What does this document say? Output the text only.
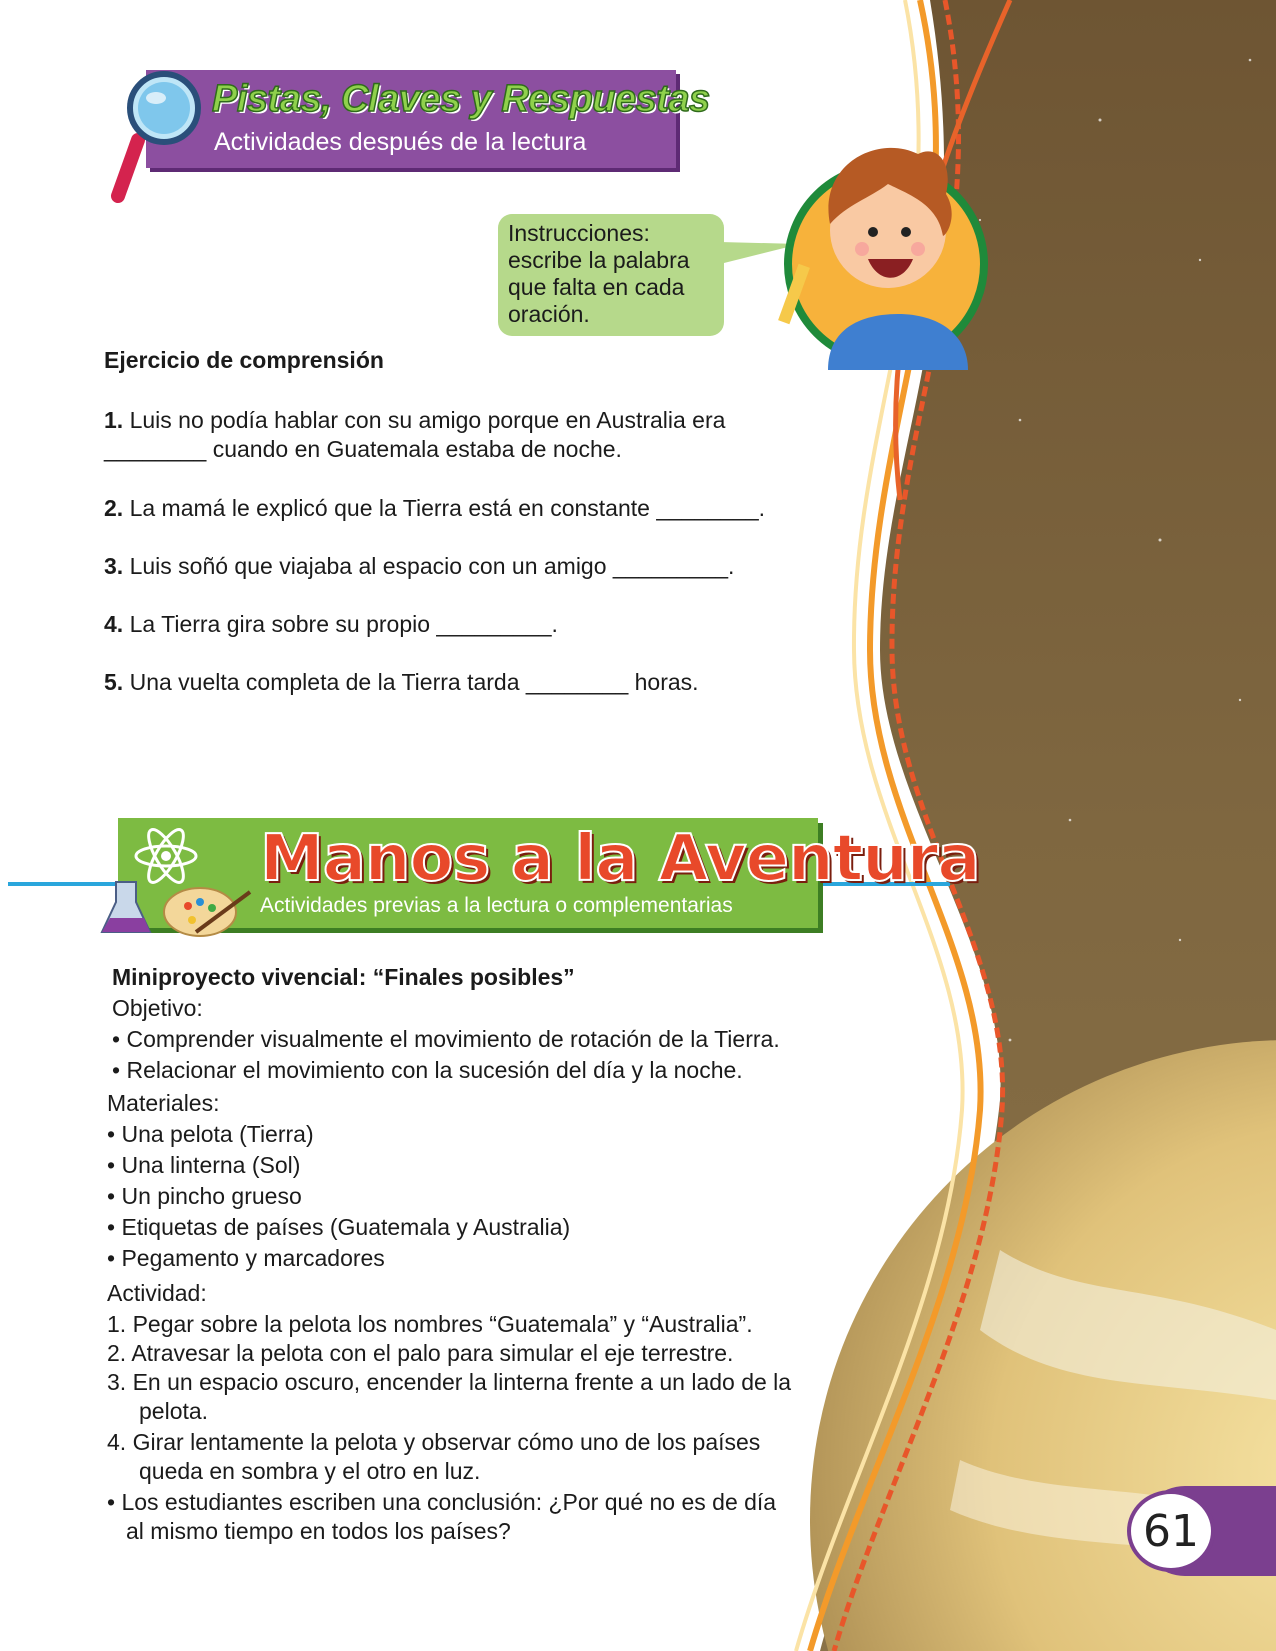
Pistas, Claves y Respuestas
Actividades después de la lectura
Instrucciones: escribe la palabra que falta en cada oración.
Ejercicio de comprensión
1. Luis no podía hablar con su amigo porque en Australia era
________ cuando en Guatemala estaba de noche.
2. La mamá le explicó que la Tierra está en constante ________.
3. Luis soñó que viajaba al espacio con un amigo _________.
4. La Tierra gira sobre su propio _________.
5. Una vuelta completa de la Tierra tarda ________ horas.
Manos a la Aventura
Actividades previas a la lectura o complementarias
Miniproyecto vivencial: “Finales posibles”
Objetivo:
• Comprender visualmente el movimiento de rotación de la Tierra.
• Relacionar el movimiento con la sucesión del día y la noche.
Materiales:
• Una pelota (Tierra)
• Una linterna (Sol)
• Un pincho grueso
• Etiquetas de países (Guatemala y Australia)
• Pegamento y marcadores
Actividad:
1. Pegar sobre la pelota los nombres “Guatemala” y “Australia”.
2. Atravesar la pelota con el palo para simular el eje terrestre.
3. En un espacio oscuro, encender la linterna frente a un lado de la
pelota.
4. Girar lentamente la pelota y observar cómo uno de los países
queda en sombra y el otro en luz.
• Los estudiantes escriben una conclusión: ¿Por qué no es de día
al mismo tiempo en todos los países?	61
